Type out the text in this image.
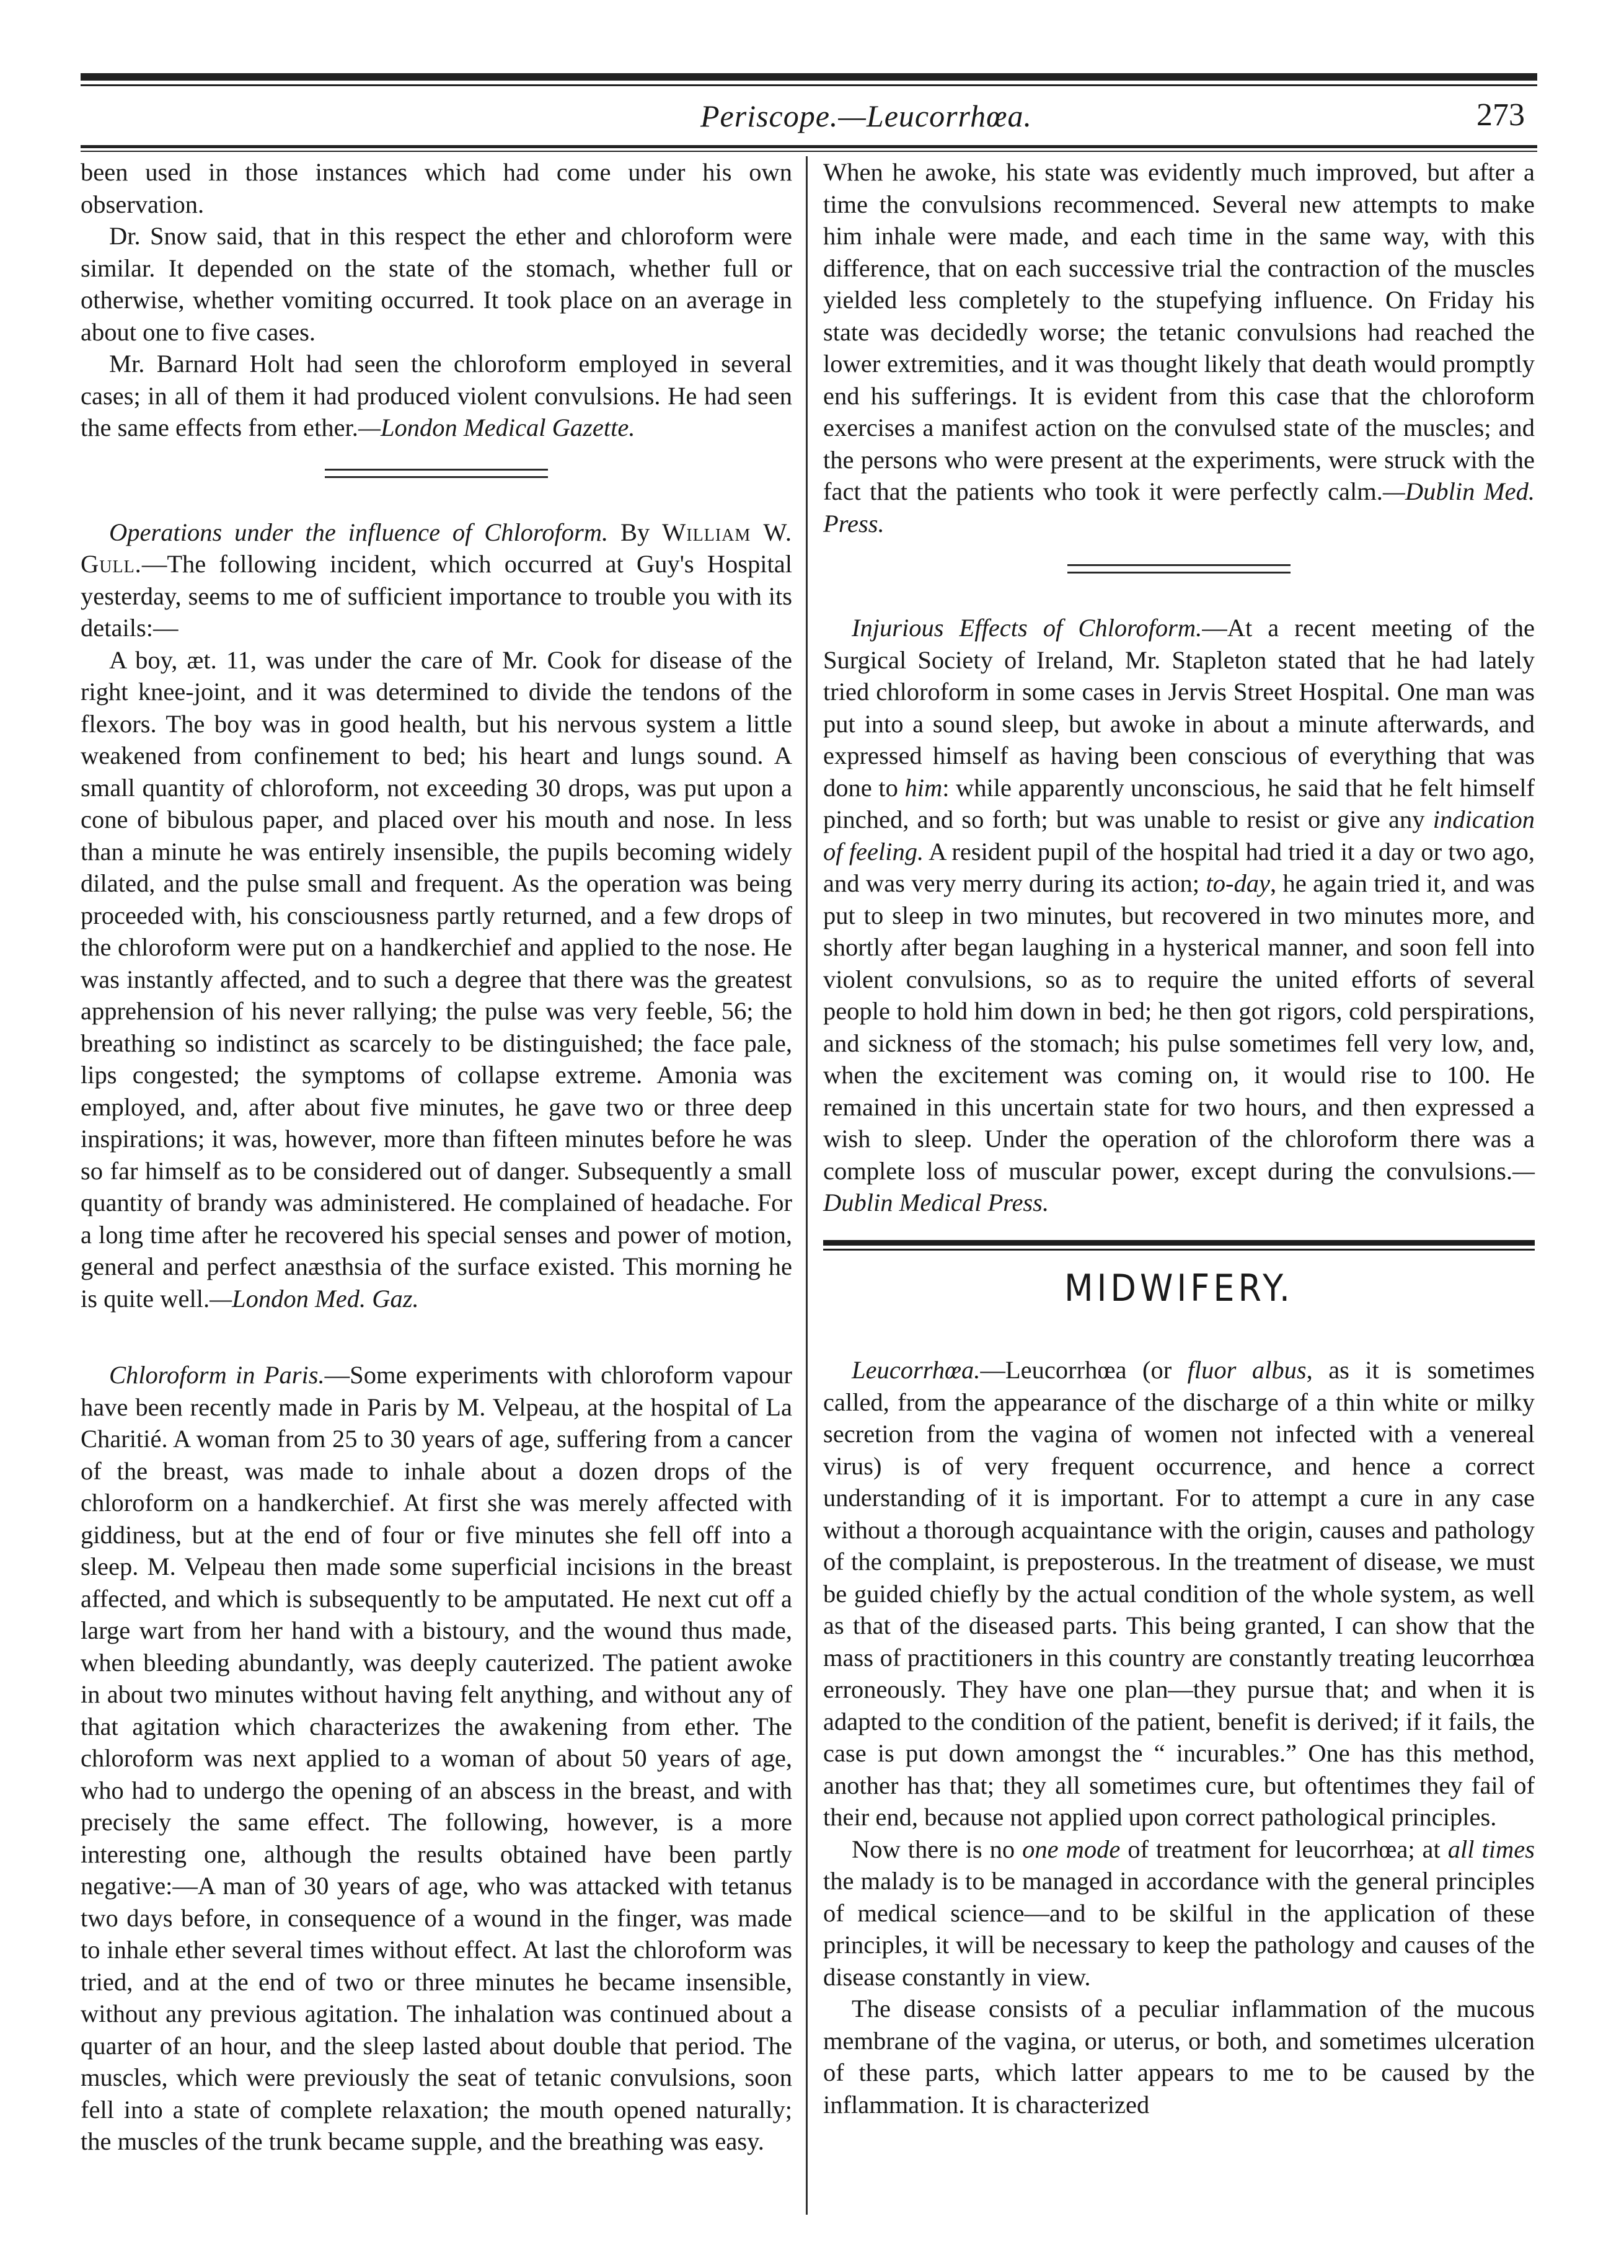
Periscope.—Leucorrhœa.	273

been used in those instances which had come under his own observation.

Dr. Snow said, that in this respect the ether and chloroform were similar. It depended on the state of the stomach, whether full or otherwise, whether vomiting occurred. It took place on an average in about one to five cases.

Mr. Barnard Holt had seen the chloroform employed in several cases; in all of them it had produced violent convulsions. He had seen the same effects from ether.—London Medical Gazette.

Operations under the influence of Chloroform. By William W. Gull.—The following incident, which occurred at Guy's Hospital yesterday, seems to me of sufficient importance to trouble you with its details:—

A boy, æt. 11, was under the care of Mr. Cook for disease of the right knee-joint, and it was determined to divide the tendons of the flexors. The boy was in good health, but his nervous system a little weakened from confinement to bed; his heart and lungs sound. A small quantity of chloroform, not exceeding 30 drops, was put upon a cone of bibulous paper, and placed over his mouth and nose. In less than a minute he was entirely insensible, the pupils becoming widely dilated, and the pulse small and frequent. As the operation was being proceeded with, his consciousness partly returned, and a few drops of the chloroform were put on a handkerchief and applied to the nose. He was instantly affected, and to such a degree that there was the greatest apprehension of his never rallying; the pulse was very feeble, 56; the breathing so indistinct as scarcely to be distinguished; the face pale, lips congested; the symptoms of collapse extreme. Amonia was employed, and, after about five minutes, he gave two or three deep inspirations; it was, however, more than fifteen minutes before he was so far himself as to be considered out of danger. Subsequently a small quantity of brandy was administered. He complained of headache. For a long time after he recovered his special senses and power of motion, general and perfect anæsthsia of the surface existed. This morning he is quite well.—London Med. Gaz.

Chloroform in Paris.—Some experiments with chloroform vapour have been recently made in Paris by M. Velpeau, at the hospital of La Charitié. A woman from 25 to 30 years of age, suffering from a cancer of the breast, was made to inhale about a dozen drops of the chloroform on a handkerchief. At first she was merely affected with giddiness, but at the end of four or five minutes she fell off into a sleep. M. Velpeau then made some superficial incisions in the breast affected, and which is subsequently to be amputated. He next cut off a large wart from her hand with a bistoury, and the wound thus made, when bleeding abundantly, was deeply cauterized. The patient awoke in about two minutes without having felt anything, and without any of that agitation which characterizes the awakening from ether. The chloroform was next applied to a woman of about 50 years of age, who had to undergo the opening of an abscess in the breast, and with precisely the same effect. The following, however, is a more interesting one, although the results obtained have been partly negative:—A man of 30 years of age, who was attacked with tetanus two days before, in consequence of a wound in the finger, was made to inhale ether several times without effect. At last the chloroform was tried, and at the end of two or three minutes he became insensible, without any previous agitation. The inhalation was continued about a quarter of an hour, and the sleep lasted about double that period. The muscles, which were previously the seat of tetanic convulsions, soon fell into a state of complete relaxation; the mouth opened naturally; the muscles of the trunk became supple, and the breathing was easy.

When he awoke, his state was evidently much improved, but after a time the convulsions recommenced. Several new attempts to make him inhale were made, and each time in the same way, with this difference, that on each successive trial the contraction of the muscles yielded less completely to the stupefying influence. On Friday his state was decidedly worse; the tetanic convulsions had reached the lower extremities, and it was thought likely that death would promptly end his sufferings. It is evident from this case that the chloroform exercises a manifest action on the convulsed state of the muscles; and the persons who were present at the experiments, were struck with the fact that the patients who took it were perfectly calm.—Dublin Med. Press.

Injurious Effects of Chloroform.—At a recent meeting of the Surgical Society of Ireland, Mr. Stapleton stated that he had lately tried chloroform in some cases in Jervis Street Hospital. One man was put into a sound sleep, but awoke in about a minute afterwards, and expressed himself as having been conscious of everything that was done to him: while apparently unconscious, he said that he felt himself pinched, and so forth; but was unable to resist or give any indication of feeling. A resident pupil of the hospital had tried it a day or two ago, and was very merry during its action; to-day, he again tried it, and was put to sleep in two minutes, but recovered in two minutes more, and shortly after began laughing in a hysterical manner, and soon fell into violent convulsions, so as to require the united efforts of several people to hold him down in bed; he then got rigors, cold perspirations, and sickness of the stomach; his pulse sometimes fell very low, and, when the excitement was coming on, it would rise to 100. He remained in this uncertain state for two hours, and then expressed a wish to sleep. Under the operation of the chloroform there was a complete loss of muscular power, except during the convulsions.—Dublin Medical Press.

MIDWIFERY.

Leucorrhœa.—Leucorrhœa (or fluor albus, as it is sometimes called, from the appearance of the discharge of a thin white or milky secretion from the vagina of women not infected with a venereal virus) is of very frequent occurrence, and hence a correct understanding of it is important. For to attempt a cure in any case without a thorough acquaintance with the origin, causes and pathology of the complaint, is preposterous. In the treatment of disease, we must be guided chiefly by the actual condition of the whole system, as well as that of the diseased parts. This being granted, I can show that the mass of practitioners in this country are constantly treating leucorrhœa erroneously. They have one plan—they pursue that; and when it is adapted to the condition of the patient, benefit is derived; if it fails, the case is put down amongst the “ incurables.” One has this method, another has that; they all sometimes cure, but oftentimes they fail of their end, because not applied upon correct pathological principles.

Now there is no one mode of treatment for leucorrhœa; at all times the malady is to be managed in accordance with the general principles of medical science—and to be skilful in the application of these principles, it will be necessary to keep the pathology and causes of the disease constantly in view.

The disease consists of a peculiar inflammation of the mucous membrane of the vagina, or uterus, or both, and sometimes ulceration of these parts, which latter appears to me to be caused by the inflammation. It is characterized
